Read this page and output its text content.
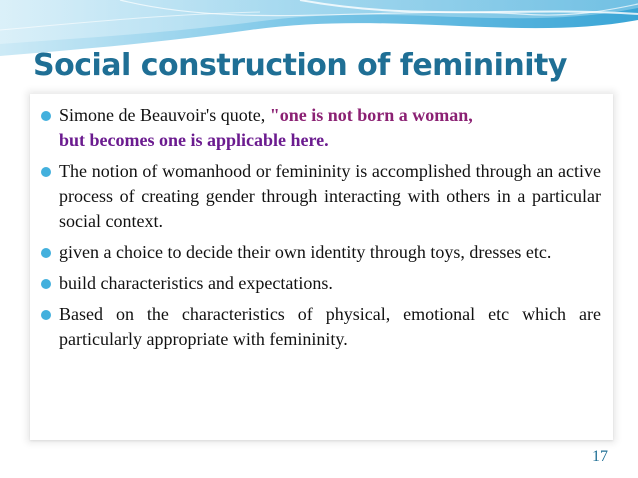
Social construction of femininity
Simone de Beauvoir's quote, "one is not born a woman,
but becomes one is applicable here.
The notion of womanhood or femininity is accomplished through an active process of creating gender through interacting with others in a particular social context.
given a choice to decide their own identity through toys, dresses etc.
build characteristics and expectations.
Based on the characteristics of physical, emotional etc which are particularly appropriate with femininity.
17
